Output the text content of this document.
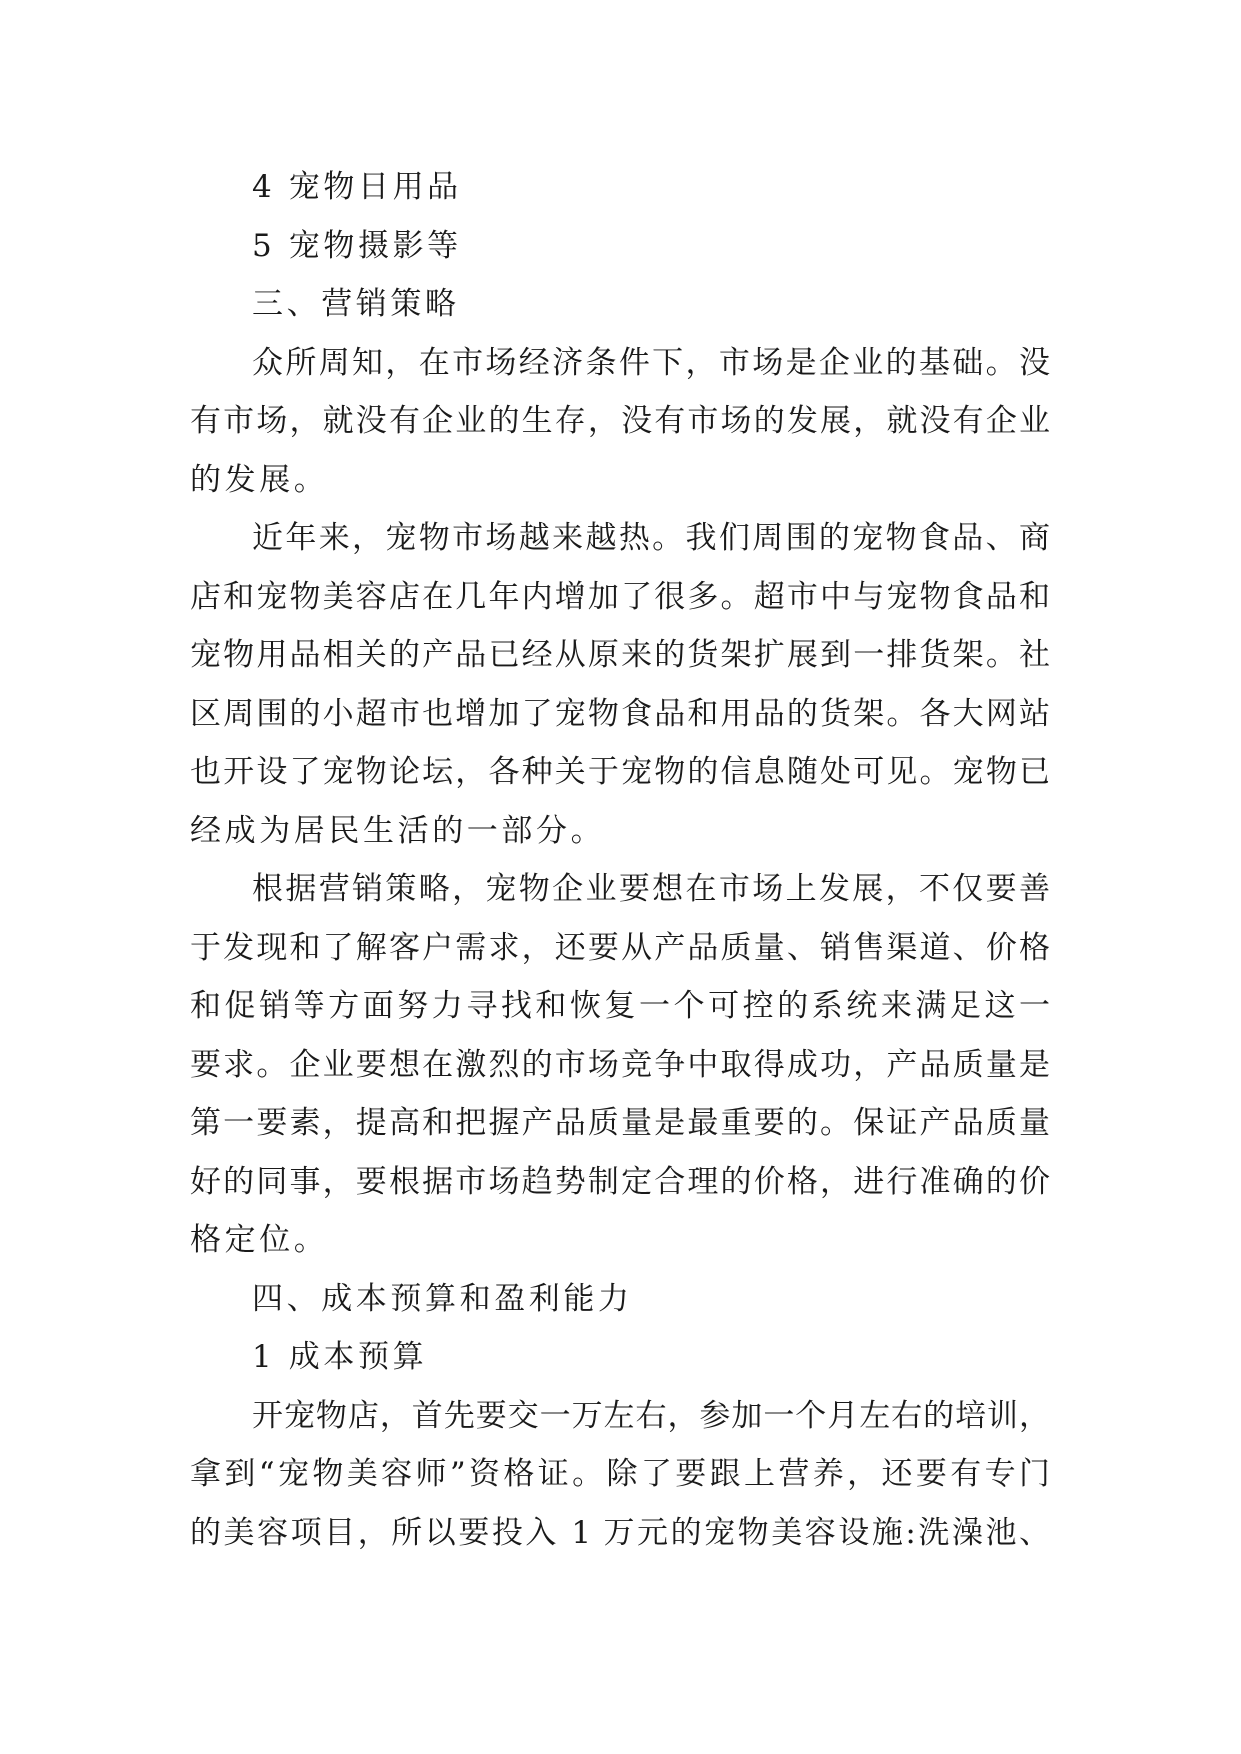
4 宠物日用品
5 宠物摄影等
三、营销策略
众所周知，在市场经济条件下，市场是企业的基础。没
有市场，就没有企业的生存，没有市场的发展，就没有企业
的发展。
近年来，宠物市场越来越热。我们周围的宠物食品、商
店和宠物美容店在几年内增加了很多。超市中与宠物食品和
宠物用品相关的产品已经从原来的货架扩展到一排货架。社
区周围的小超市也增加了宠物食品和用品的货架。各大网站
也开设了宠物论坛，各种关于宠物的信息随处可见。宠物已
经成为居民生活的一部分。
根据营销策略，宠物企业要想在市场上发展，不仅要善
于发现和了解客户需求，还要从产品质量、销售渠道、价格
和促销等方面努力寻找和恢复一个可控的系统来满足这一
要求。企业要想在激烈的市场竞争中取得成功，产品质量是
第一要素，提高和把握产品质量是最重要的。保证产品质量
好的同事，要根据市场趋势制定合理的价格，进行准确的价
格定位。
四、成本预算和盈利能力
1 成本预算
开宠物店，首先要交一万左右，参加一个月左右的培训，
拿到“宠物美容师”资格证。除了要跟上营养，还要有专门
的美容项目，所以要投入 1 万元的宠物美容设施:洗澡池、
